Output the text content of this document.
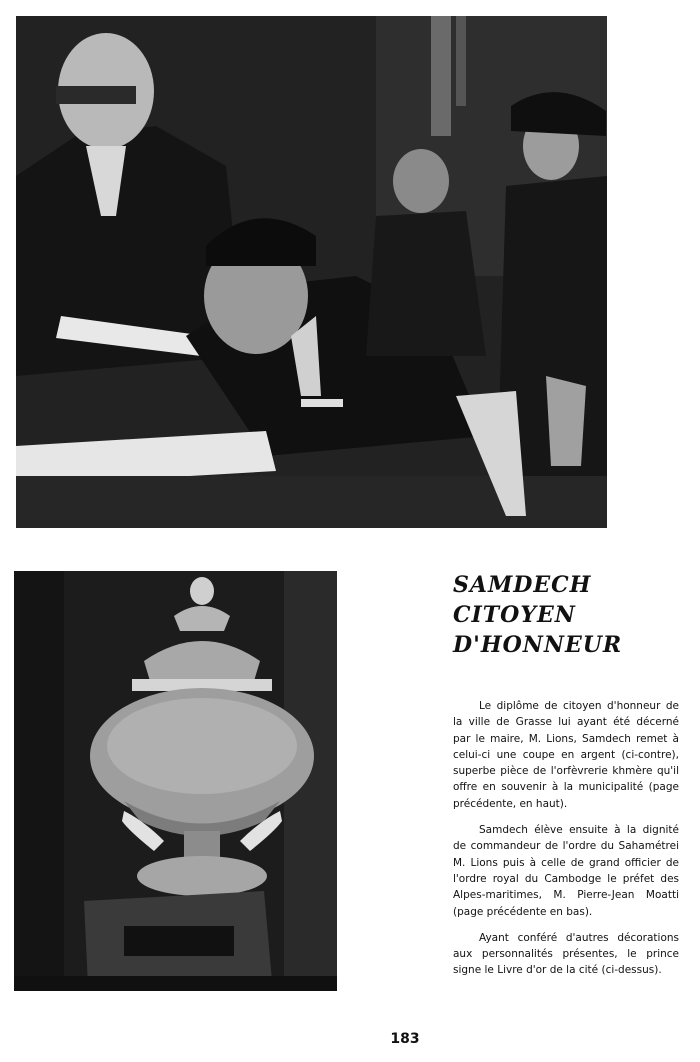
SAMDECH
CITOYEN
D'HONNEUR

Le diplôme de citoyen d'honneur de la ville de Grasse lui ayant été décerné par le maire, M. Lions, Samdech remet à celui-ci une coupe en argent (ci-contre), superbe pièce de l'orfèvrerie khmère qu'il offre en souvenir à la municipalité (page précédente, en haut).

Samdech élève ensuite à la dignité de commandeur de l'ordre du Sahamétrei M. Lions puis à celle de grand officier de l'ordre royal du Cambodge le préfet des Alpes-maritimes, M. Pierre-Jean Moatti (page précédente en bas).

Ayant conféré d'autres décorations aux personnalités présentes, le prince signe le Livre d'or de la cité (ci-dessus).

183
